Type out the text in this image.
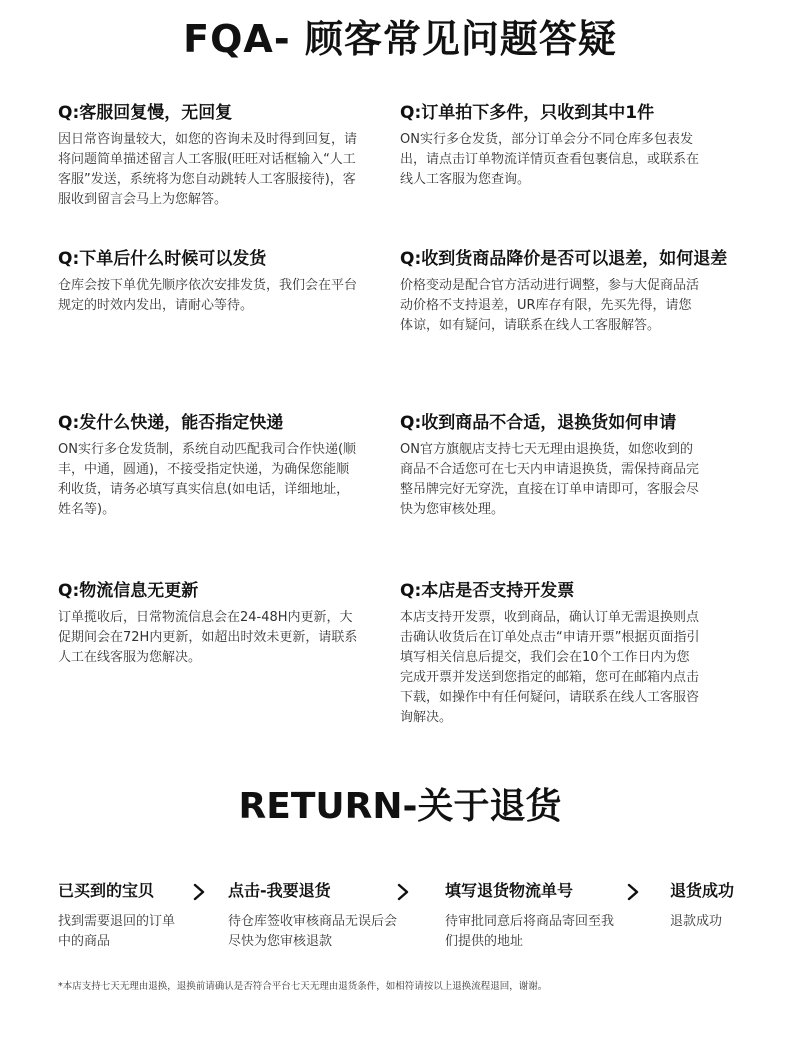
FQA- 顾客常见问题答疑
Q:客服回复慢，无回复
因日常咨询量较大，如您的咨询未及时得到回复，请将问题简单描述留言人工客服(旺旺对话框输入“人工客服”发送，系统将为您自动跳转人工客服接待)，客服收到留言会马上为您解答。
Q:订单拍下多件，只收到其中1件
ON实行多仓发货，部分订单会分不同仓库多包表发出，请点击订单物流详情页查看包裹信息，或联系在线人工客服为您查询。
Q:下单后什么时候可以发货
仓库会按下单优先顺序依次安排发货，我们会在平台规定的时效内发出，请耐心等待。
Q:收到货商品降价是否可以退差，如何退差
价格变动是配合官方活动进行调整，参与大促商品活动价格不支持退差，UR库存有限，先买先得，请您体谅，如有疑问，请联系在线人工客服解答。
Q:发什么快递，能否指定快递
ON实行多仓发货制，系统自动匹配我司合作快递(顺丰，中通，圆通)，不接受指定快递，为确保您能顺利收货，请务必填写真实信息(如电话，详细地址，姓名等)。
Q:收到商品不合适，退换货如何申请
ON官方旗舰店支持七天无理由退换货，如您收到的商品不合适您可在七天内申请退换货，需保持商品完整吊牌完好无穿洗，直接在订单申请即可，客服会尽快为您审核处理。
Q:物流信息无更新
订单揽收后，日常物流信息会在24-48H内更新，大促期间会在72H内更新，如超出时效未更新，请联系人工在线客服为您解决。
Q:本店是否支持开发票
本店支持开发票，收到商品，确认订单无需退换则点击确认收货后在订单处点击“申请开票”根据页面指引填写相关信息后提交，我们会在10个工作日内为您完成开票并发送到您指定的邮箱，您可在邮箱内点击下载，如操作中有任何疑问，请联系在线人工客服咨询解决。
RETURN-关于退货
已买到的宝贝
找到需要退回的订单中的商品
点击-我要退货
待仓库签收审核商品无误后会尽快为您审核退款
填写退货物流单号
待审批同意后将商品寄回至我们提供的地址
退货成功
退款成功
*本店支持七天无理由退换，退换前请确认是否符合平台七天无理由退货条件，如相符请按以上退换流程退回，谢谢。
